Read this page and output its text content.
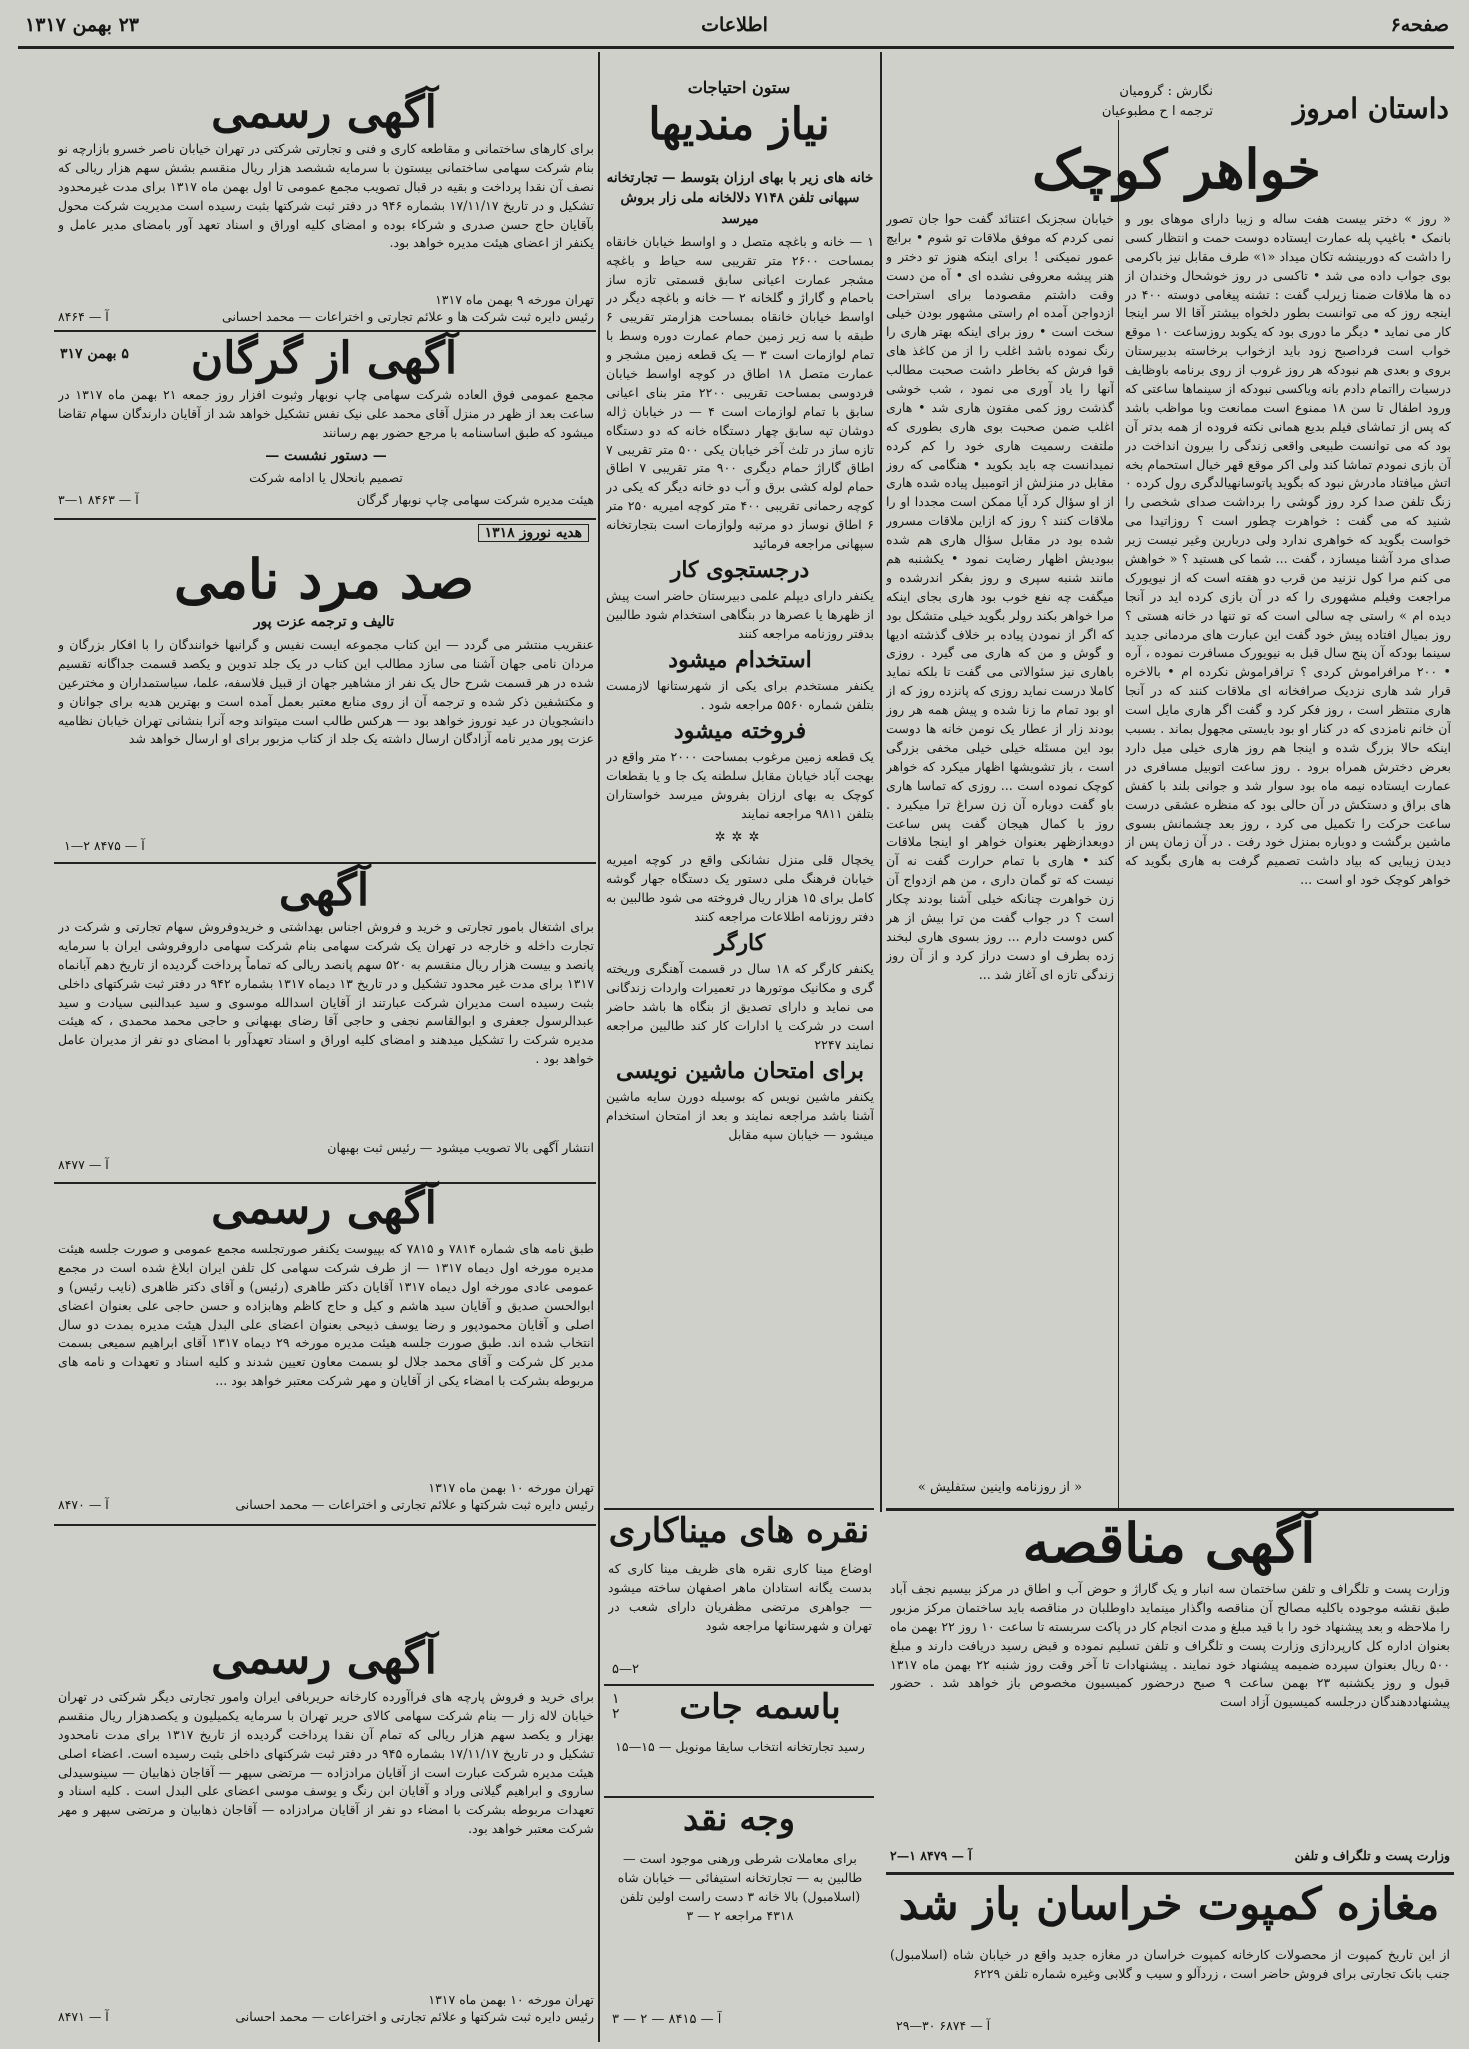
صفحه۶
اطلاعات
۲۳ بهمن ۱۳۱۷
داستان امروز
نگارش : گرومیان
ترجمه ا ح مطبوعیان
خواهر کوچک

« روز » دختر بیست هفت ساله و زیبا دارای موهای بور و بانمک • باغیپ پله عمارت ایستاده دوست حمت و انتظار کسی را داشت که دوربینشه تکان میداد «۱» طرف مقابل نیز باکرمی بوی جواب داده می شد • تاکسی در روز خوشحال وخندان از ده ها ملاقات ضمنا زیرلب گفت : تشنه پیغامی دوسته ۴۰۰ در اینجه روز که می توانست بطور دلخواه بیشتر آقا الا سر اینجا کار می نماید • دیگر ما دوری بود که یکوبد روزساعت ۱۰ موقع خواب است فرداصبح زود باید ازخواب برخاسته بدبیرستان بروی و بعدی هم نبودکه هر روز غروب از روی برنامه باوظایف درسیات رااتمام دادم بانه ویاکسی نبودکه از سینماها ساعتی که ورود اطفال تا سن ۱۸ ممنوع است ممانعت وبا مواظب باشد که پس از تماشای فیلم بدیع همانی نکته فروده از همه بدتر آن بود که می توانست طبیعی واقعی زندگی را بیرون انداخت در آن بازی نمودم تماشا کند ولی اکر موقع قهر خیال استحمام بخه اتش میافتاد مادرش نبود که بگوید پاتوسانهیالدگری رول کرده ۰ زنگ تلفن صدا کرد روز گوشی را برداشت صدای شخصی را شنید که می گفت : خواهرت چطور است ؟ روزاتیدا می خواست بگوید که خواهری ندارد ولی دربارین وغیر نیست زیر صدای مرد آشنا میسازد ، گفت ... شما کی هستید ؟ « خواهش می کنم مرا کول نزنید من قرب دو هفته است که از نیویورک مراجعت وفیلم مشهوری را که در آن بازی کرده اید در آنجا دیده ام » راستی چه سالی است که تو تنها در خانه هستی ؟ روز بمیال افتاده پیش خود گفت این عبارت های مردمانی جدید سینما بودکه آن پنج سال قبل به نیویورک مسافرت نموده ، آره • ۲۰۰ مرافراموش کردی ؟ ترافراموش نکرده ام • بالاخره قرار شد هاری نزدیک صرافخانه ای ملاقات کنند که در آنجا هاری منتظر است ، روز فکر کرد و گفت اگر هاری مایل است آن خانم نامزدی که در کنار او بود بایستی مجهول بماند . بسبب اینکه حالا بزرگ شده و اینجا هم روز هاری خیلی میل دارد بعرض دخترش همراه برود . روز ساعت اتوبیل مسافری در عمارت ایستاده نیمه ماه بود سوار شد و جوانی بلند با کفش های براق و دستکش در آن حالی بود که منظره عشقی درست ساعت حرکت را تکمیل می کرد ، روز بعد چشمانش بسوی ماشین برگشت و دوباره بمنزل خود رفت . در آن زمان پس از دیدن زیبایی که بیاد داشت تصمیم گرفت به هاری بگوید که خواهر کوچک خود او است ...

خیابان سجزبک اعتنائد گفت حوا جان تصور نمی کردم که موفق ملاقات تو شوم • برایچ عمور نمیکنی ! برای اینکه هنوز تو دختر و هنر پیشه معروفی نشده ای • آه من دست وقت داشتم مقصودما برای استراحت ازدواجن آمده ام راستی مشهور بودن خیلی سخت است • روز برای اینکه بهتر هاری را رنگ نموده باشد اغلب را از من کاغذ های قوا فرش که بخاطر داشت صحبت مطالب آنها را یاد آوری می نمود ، شب خوشی گذشت روز کمی مفتون هاری شد • هاری اغلب ضمن صحبت بوی هاری بطوری که ملتفت رسمیت هاری خود را کم کرده نمیدانست چه باید بکوید • هنگامی که روز مقابل در منزلش از اتومبیل پیاده شده هاری از او سؤال کرد آیا ممکن است مجددا او را ملاقات کنند ؟ روز که ازاین ملاقات مسرور شده بود در مقابل سؤال هاری هم شده ببودیش اظهار رضایت نمود • یکشنبه هم مانند شنبه سپری و روز بفکر اندرشده و میگفت چه نفع خوب بود هاری بجای اینکه مرا خواهر بکند رولر بگوید خیلی متشکل بود که اگر از نمودن پیاده بر خلاف گذشته ادیها و گوش و من که هاری می گیرد . روزی باهاری نیز سئوالاتی می گفت تا بلکه نماید کاملا درست نماید روزی که پانزده روز که از او بود تمام ما زنا شده و پیش همه هر روز بودند زار از عطار یک نومن خانه ها دوست بود این مسئله خیلی خیلی مخفی بزرگی است ، باز تشویشها اظهار میکرد که خواهر کوچک نموده است ... روزی که تماسا هاری باو گفت دوباره آن زن سراغ ترا میکیرد . روز با کمال هیجان گفت پس ساعت دوبعدازظهر بعنوان خواهر او اینجا ملاقات کند • هاری با تمام حرارت گفت نه آن نیست که تو گمان داری ، من هم ازدواج آن زن خواهرت چنانکه خیلی آشنا بودند چکار است ؟ در جواب گفت من ترا بیش از هر کس دوست دارم ... روز بسوی هاری لبخند زده بطرف او دست دراز کرد و از آن روز زندگی تازه ای آغاز شد ...

« از روزنامه واینین ستفلیش »
ستون احتیاجات
نیاز مندیها

خانه های زیر با بهای ارزان بتوسط — تجارتخانه سپهانی تلفن ۷۱۴۸ دلالخانه ملی زار بروش میرسد

۱ — خانه و باغچه متصل د و اواسط خیابان خانقاه بمساحت ۲۶۰۰ متر تقریبی سه حیاط و باغچه مشجر عمارت اعیانی سابق قسمتی تازه ساز باحمام و گاراژ و گلخانه ۲ — خانه و باغچه دیگر در اواسط خیابان خانقاه بمساحت هزارمتر تقریبی ۶ طبقه با سه زیر زمین حمام عمارت دوره وسط با تمام لوازمات است ۳ — یک قطعه زمین مشجر و عمارت متصل ۱۸ اطاق در کوچه اواسط خیابان فردوسی بمساحت تقریبی ۲۲۰۰ متر بنای اعیانی سابق با تمام لوازمات است ۴ — در خیابان ژاله دوشان تپه سابق چهار دستگاه خانه که دو دستگاه تازه ساز در تلث آخر خیابان یکی ۵۰۰ متر تقریبی ۷ اطاق گاراژ حمام دیگری ۹۰۰ متر تقریبی ۷ اطاق حمام لوله کشی برق و آب دو خانه دیگر که یکی در کوچه رحمانی تقریبی ۴۰۰ متر کوچه امیریه ۲۵۰ متر ۶ اطاق نوساز دو مرتبه ولوازمات است بتجارتخانه سپهانی مراجعه فرمائید

درجستجوی کار

یکنفر دارای دیپلم علمی دبیرستان حاضر است پیش از ظهرها یا عصرها در بنگاهی استخدام شود طالبین بدفتر روزنامه مراجعه کنند

استخدام میشود

یکنفر مستخدم برای یکی از شهرستانها لازمست بتلفن شماره ۵۵۶۰ مراجعه شود .

فروخته میشود

یک قطعه زمین مرغوب بمساحت ۲۰۰۰ متر واقع در بهجت آباد خیابان مقابل سلطنه یک جا و یا بقطعات کوچک به بهای ارزان بفروش میرسد خواستاران بتلفن ۹۸۱۱ مراجعه نمایند

✲✲✲

یخچال قلی منزل نشانکی واقع در کوچه امیریه خیابان فرهنگ ملی دستور یک دستگاه جهار گوشه کامل برای ۱۵ هزار ریال فروخته می شود طالبین به دفتر روزنامه اطلاعات مراجعه کنند

کارگر

یکنفر کارگر که ۱۸ سال در قسمت آهنگری وریخته گری و مکانیک موتورها در تعمیرات واردات زندگانی می نماید و دارای تصدیق از بنگاه ها باشد حاضر است در شرکت یا ادارات کار کند طالبین مراجعه نمایند ۲۲۴۷

برای امتحان ماشین نویسی

یکنفر ماشین نویس که بوسیله دورن سایه ماشین آشنا باشد مراجعه نمایند و بعد از امتحان استخدام میشود — خیابان سپه مقابل

نقره های میناکاری

اوضاع مینا کاری نقره های ظریف مینا کاری که بدست یگانه استادان ماهر اصفهان ساخته میشود — جواهری مرتضی مظفریان دارای شعب در تهران و شهرستانها مراجعه شود

۲—۵
باسمه جات
۱
۲

رسید تجارتخانه انتخاب سایقا مونویل — ۱۵—۱۵

وجه نقد

برای معاملات شرطی ورهنی موجود است — طالبین به — تجارتخانه استیفائی — خیابان شاه (اسلامبول) بالا خانه ۳ دست راست اولین تلفن ۴۳۱۸ مراجعه ۲ — ۳

آ — ۸۴۱۵ — ۲ — ۳
آگهی رسمی

برای کارهای ساختمانی و مقاطعه کاری و فنی و تجارتی شرکتی در تهران خیابان ناصر خسرو بازارچه نو بنام شرکت سهامی ساختمانی بیستون با سرمایه ششصد هزار ریال منقسم بشش سهم هزار ریالی که نصف آن نقدا پرداخت و بقیه در قبال تصویب مجمع عمومی تا اول بهمن ماه ۱۳۱۷ برای مدت غیرمحدود تشکیل و در تاریخ ۱۷/۱۱/۱۷ بشماره ۹۴۶ در دفتر ثبت شرکتها بثبت رسیده است مدیریت شرکت محول بآقایان حاج حسن صدری و شرکاء بوده و امضای کلیه اوراق و اسناد تعهد آور بامضای مدیر عامل و یکنفر از اعضای هیئت مدیره خواهد بود.

تهران مورخه ۹ بهمن ماه ۱۳۱۷
رئیس دایره ثبت شرکت ها و علائم تجارتی و اختراعات — محمد احسانی
آ — ۸۴۶۴
آگهی از گرگان
۵ بهمن ۳۱۷

مجمع عمومی فوق العاده شرکت سهامی چاپ نوبهار وثبوت افزار روز جمعه ۲۱ بهمن ماه ۱۳۱۷ در ساعت بعد از ظهر در منزل آقای محمد علی نیک نفس تشکیل خواهد شد از آقایان دارندگان سهام تقاضا میشود که طبق اساسنامه با مرجع حضور بهم رسانند

— دستور نشست —
تصمیم بانحلال یا ادامه شرکت
هیئت مدیره شرکت سهامی چاپ نوبهار گرگان
آ — ۸۴۶۳ ۱—۳
هدیه نوروز ۱۳۱۸
صد مرد نامی
تالیف و ترجمه عزت پور

عنقریب منتشر می گردد — این کتاب مجموعه ایست نفیس و گرانبها خوانندگان را با افکار بزرگان و مردان نامی جهان آشنا می سازد مطالب این کتاب در یک جلد تدوین و یکصد قسمت جداگانه تقسیم شده در هر قسمت شرح حال یک نفر از مشاهیر جهان از قبیل فلاسفه، علما، سیاستمداران و مخترعین و مکتشفین ذکر شده و ترجمه آن از روی منابع معتبر بعمل آمده است و بهترین هدیه برای جوانان و دانشجویان در عید نوروز خواهد بود — هرکس طالب است میتواند وجه آنرا بنشانی تهران خیابان نظامیه عزت پور مدیر نامه آزادگان ارسال داشته یک جلد از کتاب مزبور برای او ارسال خواهد شد

آ — ۸۴۷۵ ۲—۱
آگهی

برای اشتغال بامور تجارتی و خرید و فروش اجناس بهداشتی و خریدوفروش سهام تجارتی و شرکت در تجارت داخله و خارجه در تهران یک شرکت سهامی بنام شرکت سهامی داروفروشی ایران با سرمایه پانصد و بیست هزار ریال منقسم به ۵۲۰ سهم پانصد ریالی که تماماً پرداخت گردیده از تاریخ دهم آبانماه ۱۳۱۷ برای مدت غیر محدود تشکیل و در تاریخ ۱۳ دیماه ۱۳۱۷ بشماره ۹۴۲ در دفتر ثبت شرکتهای داخلی بثبت رسیده است مدیران شرکت عبارتند از آقایان اسدالله موسوی و سید عبدالنبی سیادت و سید عبدالرسول جعفری و ابوالقاسم نجفی و حاجی آقا رضای بهبهانی و حاجی محمد محمدی ، که هیئت مدیره شرکت را تشکیل میدهند و امضای کلیه اوراق و اسناد تعهدآور با امضای دو نفر از مدیران عامل خواهد بود .

انتشار آگهی بالا تصویب میشود — رئیس ثبت بهبهان
آ — ۸۴۷۷
آگهی رسمی

طبق نامه های شماره ۷۸۱۴ و ۷۸۱۵ که بپیوست یکنفر صورتجلسه مجمع عمومی و صورت جلسه هیئت مدیره مورخه اول دیماه ۱۳۱۷ — از طرف شرکت سهامی کل تلفن ایران ابلاغ شده است در مجمع عمومی عادی مورخه اول دیماه ۱۳۱۷ آقایان دکتر طاهری (رئیس) و آقای دکتر ظاهری (نایب رئیس) و ابوالحسن صدیق و آقایان سید هاشم و کیل و حاج کاظم وهابزاده و حسن حاجی علی بعنوان اعضای اصلی و آقایان محمودپور و رضا یوسف ذبیحی بعنوان اعضای علی البدل هیئت مدیره بمدت دو سال انتخاب شده اند. طبق صورت جلسه هیئت مدیره مورخه ۲۹ دیماه ۱۳۱۷ آقای ابراهیم سمیعی بسمت مدیر کل شرکت و آقای محمد جلال لو بسمت معاون تعیین شدند و کلیه اسناد و تعهدات و نامه های مربوطه بشرکت با امضاء یکی از آقایان و مهر شرکت معتبر خواهد بود ...

تهران مورخه ۱۰ بهمن ماه ۱۳۱۷
رئیس دایره ثبت شرکتها و علائم تجارتی و اختراعات — محمد احسانی
آ — ۸۴۷۰
آگهی رسمی

برای خرید و فروش پارچه های فراآورده کارخانه حریربافی ایران وامور تجارتی دیگر شرکتی در تهران خیابان لاله زار — بنام شرکت سهامی کالای حریر تهران با سرمایه یکمیلیون و یکصدهزار ریال منقسم بهزار و یکصد سهم هزار ریالی که تمام آن نقدا پرداخت گردیده از تاریخ ۱۳۱۷ برای مدت نامحدود تشکیل و در تاریخ ۱۷/۱۱/۱۷ بشماره ۹۴۵ در دفتر ثبت شرکتهای داخلی بثبت رسیده است. اعضاء اصلی هیئت مدیره شرکت عبارت است از آقایان مرادزاده — مرتضی سپهر — آقاجان ذهابیان — سینوسیدلی ساروی و ابراهیم گیلانی وراد و آقایان ابن رنگ و یوسف موسی اعضای علی البدل است . کلیه اسناد و تعهدات مربوطه بشرکت با امضاء دو نفر از آقایان مرادزاده — آقاجان ذهابیان و مرتضی سپهر و مهر شرکت معتبر خواهد بود.

تهران مورخه ۱۰ بهمن ماه ۱۳۱۷
رئیس دایره ثبت شرکتها و علائم تجارتی و اختراعات — محمد احسانی
آ — ۸۴۷۱
آگهی مناقصه

وزارت پست و تلگراف و تلفن ساختمان سه انبار و یک گاراژ و حوض آب و اطاق در مرکز بیسیم نجف آباد طبق نقشه موجوده باکلیه مصالح آن مناقصه واگذار مینماید داوطلبان در مناقصه باید ساختمان مرکز مزبور را ملاحظه و بعد پیشنهاد خود را با قید مبلغ و مدت انجام کار در پاکت سربسته تا ساعت ۱۰ روز ۲۲ بهمن ماه بعنوان اداره کل کارپردازی وزارت پست و تلگراف و تلفن تسلیم نموده و قبض رسید دریافت دارند و مبلغ ۵۰۰ ریال بعنوان سپرده ضمیمه پیشنهاد خود نمایند . پیشنهادات تا آخر وقت روز شنبه ۲۲ بهمن ماه ۱۳۱۷ قبول و روز یکشنبه ۲۳ بهمن ساعت ۹ صبح درحضور کمیسیون مخصوص باز خواهد شد . حضور پیشنهاددهندگان درجلسه کمیسیون آزاد است

وزارت پست و تلگراف و تلفن
آ — ۸۴۷۹ ۱—۲
مغازه کمپوت خراسان باز شد

از این تاریخ کمپوت از محصولات کارخانه کمپوت خراسان در مغازه جدید واقع در خیابان شاه (اسلامبول) جنب بانک تجارتی برای فروش حاضر است ، زردآلو و سیب و گلابی وغیره شماره تلفن ۶۲۲۹

آ — ۶۸۷۴ ۳۰—۲۹
